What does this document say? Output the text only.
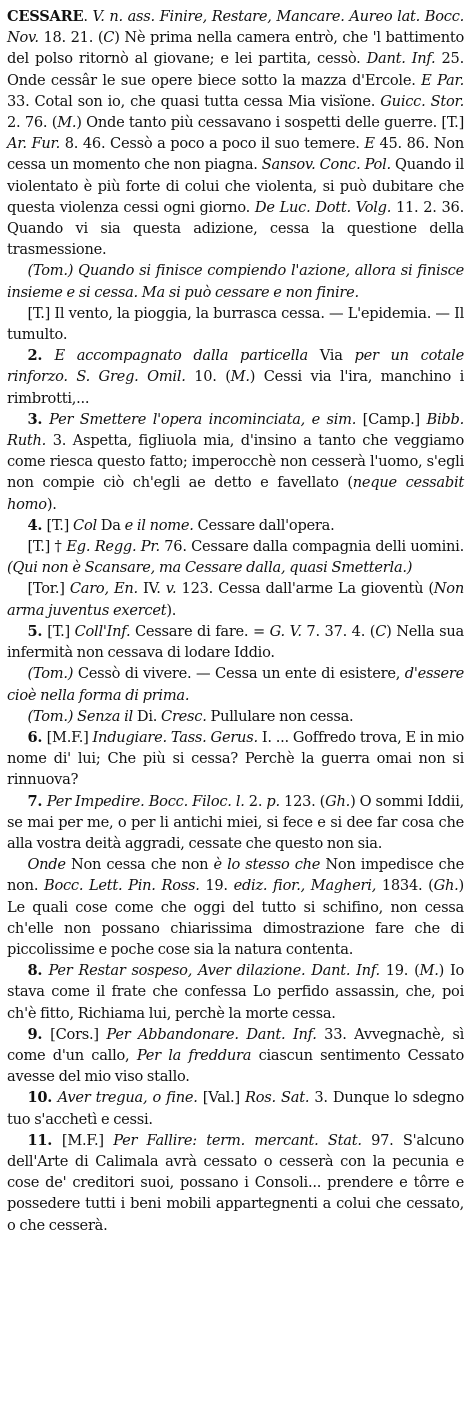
CESSARE. V. n. ass. Finire, Restare, Mancare. Aureo lat. Bocc. Nov. 18. 21. (C) Nè prima nella camera entrò, che 'l battimento del polso ritornò al giovane; e lei partita, cessò. Dant. Inf. 25. Onde cessâr le sue opere biece sotto la mazza d'Ercole. E Par. 33. Cotal son io, che quasi tutta cessa Mia visïone. Guicc. Stor. 2. 76. (M.) Onde tanto più cessavano i sospetti delle guerre. [T.] Ar. Fur. 8. 46. Cessò a poco a poco il suo temere. E 45. 86. Non cessa un momento che non piagna. Sansov. Conc. Pol. Quando il violentato è più forte di colui che violenta, si può dubitare che questa violenza cessi ogni giorno. De Luc. Dott. Volg. 11. 2. 36. Quando vi sia questa adizione, cessa la questione della trasmessione.

(Tom.) Quando si finisce compiendo l'azione, allora si finisce insieme e si cessa. Ma si può cessare e non finire.

[T.] Il vento, la pioggia, la burrasca cessa. — L'epidemia. — Il tumulto.

2. E accompagnato dalla particella Via per un cotale rinforzo. S. Greg. Omil. 10. (M.) Cessi via l'ira, manchino i rimbrotti,...

3. Per Smettere l'opera incominciata, e sim. [Camp.] Bibb. Ruth. 3. Aspetta, figliuola mia, d'insino a tanto che veggiamo come riesca questo fatto; imperocchè non cesserà l'uomo, s'egli non compie ciò ch'egli ae detto e favellato (neque cessabit homo).

4. [T.] Col Da e il nome. Cessare dall'opera.

[T.] † Eg. Regg. Pr. 76. Cessare dalla compagnia delli uomini. (Qui non è Scansare, ma Cessare dalla, quasi Smetterla.)

[Tor.] Caro, En. IV. v. 123. Cessa dall'arme La gioventù (Non arma juventus exercet).

5. [T.] Coll'Inf. Cessare di fare. = G. V. 7. 37. 4. (C) Nella sua infermità non cessava di lodare Iddio.

(Tom.) Cessò di vivere. — Cessa un ente di esistere, d'essere cioè nella forma di prima.

(Tom.) Senza il Di. Cresc. Pullulare non cessa.

6. [M.F.] Indugiare. Tass. Gerus. I. ... Goffredo trova, E in mio nome di' lui; Che più si cessa? Perchè la guerra omai non si rinnuova?

7. Per Impedire. Bocc. Filoc. l. 2. p. 123. (Gh.) O sommi Iddii, se mai per me, o per li antichi miei, si fece e si dee far cosa che alla vostra deità aggradi, cessate che questo non sia.

Onde Non cessa che non è lo stesso che Non impedisce che non. Bocc. Lett. Pin. Ross. 19. ediz. fior., Magheri, 1834. (Gh.) Le quali cose come che oggi del tutto si schifino, non cessa ch'elle non possano chiarissima dimostrazione fare che di piccolissime e poche cose sia la natura contenta.

8. Per Restar sospeso, Aver dilazione. Dant. Inf. 19. (M.) Io stava come il frate che confessa Lo perfido assassin, che, poi ch'è fitto, Richiama lui, perchè la morte cessa.

9. [Cors.] Per Abbandonare. Dant. Inf. 33. Avvegnachè, sì come d'un callo, Per la freddura ciascun sentimento Cessato avesse del mio viso stallo.

10. Aver tregua, o fine. [Val.] Ros. Sat. 3. Dunque lo sdegno tuo s'acchetì e cessi.

11. [M.F.] Per Fallire: term. mercant. Stat. 97. S'alcuno dell'Arte di Calimala avrà cessato o cesserà con la pecunia e cose de' creditori suoi, possano i Consoli... prendere e tôrre e possedere tutti i beni mobili appartegnenti a colui che cessato, o che cesserà.
